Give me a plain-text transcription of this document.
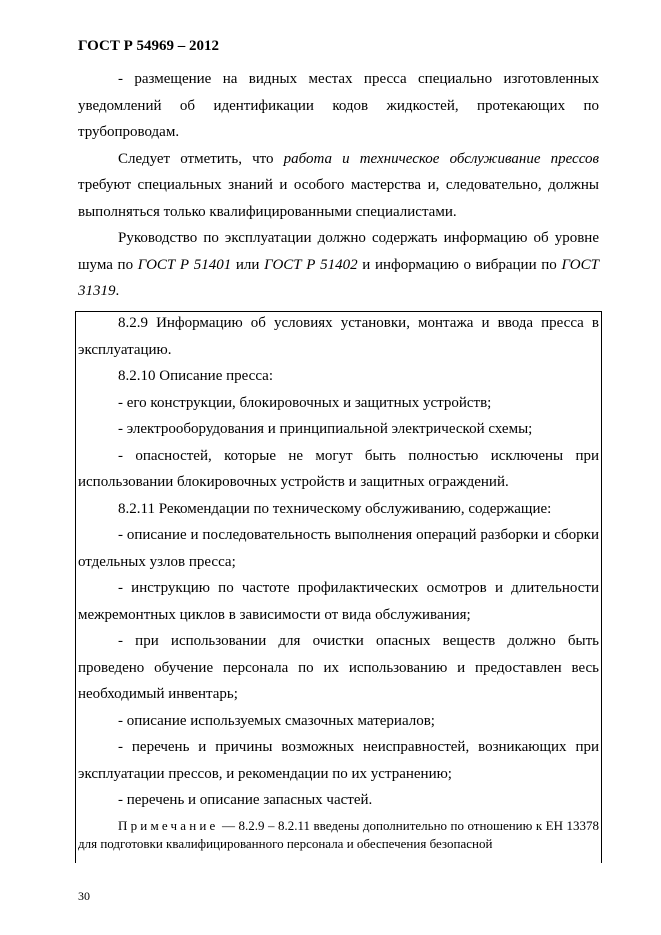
ГОСТ Р 54969 – 2012

- размещение на видных местах пресса специально изготовленных уведомлений об идентификации кодов жидкостей, протекающих по трубопроводам.

Следует отметить, что работа и техническое обслуживание прессов требуют специальных знаний и особого мастерства и, следовательно, должны выполняться только квалифицированными специалистами.

Руководство по эксплуатации должно содержать информацию об уровне шума по ГОСТ Р 51401 или ГОСТ Р 51402 и информацию о вибрации по ГОСТ 31319.

8.2.9 Информацию об условиях установки, монтажа и ввода пресса в эксплуатацию.

8.2.10 Описание пресса:

- его конструкции, блокировочных и защитных устройств;

- электрооборудования и принципиальной электрической схемы;

- опасностей, которые не могут быть полностью исключены при использовании блокировочных устройств и защитных ограждений.

8.2.11 Рекомендации по техническому обслуживанию, содержащие:

- описание и последовательность выполнения операций разборки и сборки отдельных узлов пресса;

- инструкцию по частоте профилактических осмотров и длительности межремонтных циклов в зависимости от вида обслуживания;

- при использовании для очистки опасных веществ должно быть проведено обучение персонала по их использованию и предоставлен весь необходимый инвентарь;

- описание используемых смазочных материалов;

- перечень и причины возможных неисправностей, возникающих при эксплуатации прессов, и рекомендации по их устранению;

- перечень и описание запасных частей.

Примечание — 8.2.9 – 8.2.11 введены дополнительно по отношению к ЕН 13378 для подготовки квалифицированного персонала и обеспечения безопасной

30
